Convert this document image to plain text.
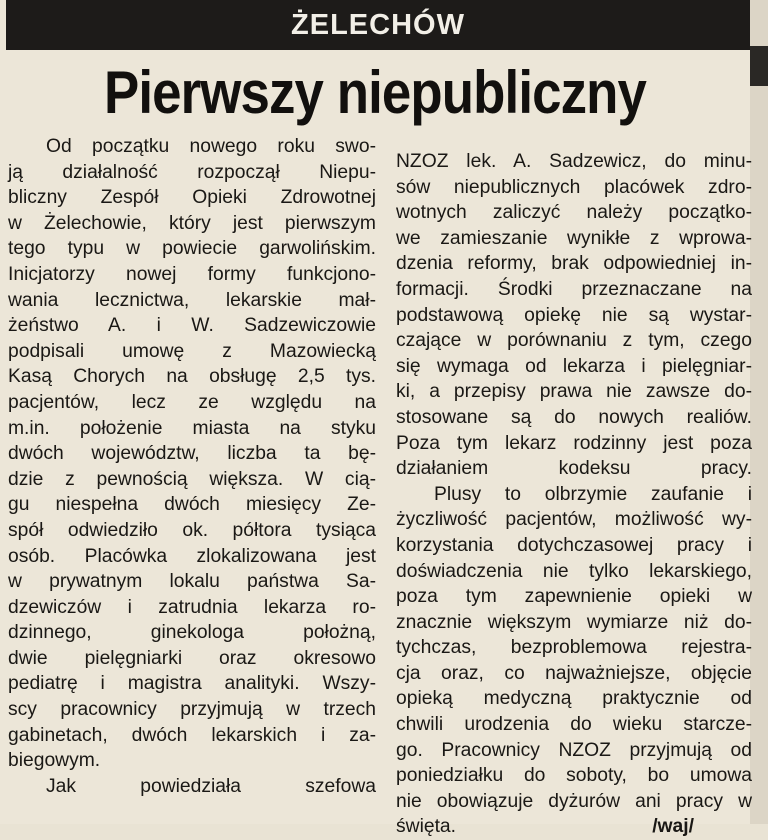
ŻELECHÓW
Pierwszy niepubliczny

Od początku nowego roku swo-
ją działalność rozpoczął Niepu-
bliczny Zespół Opieki Zdrowotnej
w Żelechowie, który jest pierwszym
tego typu w powiecie garwolińskim.
Inicjatorzy nowej formy funkcjono-
wania lecznictwa, lekarskie mał-
żeństwo A. i W. Sadzewiczowie
podpisali umowę z Mazowiecką
Kasą Chorych na obsługę 2,5 tys.
pacjentów, lecz ze względu na
m.in. położenie miasta na styku
dwóch województw, liczba ta bę-
dzie z pewnością większa. W cią-
gu niespełna dwóch miesięcy Ze-
spół odwiedziło ok. półtora tysiąca
osób. Placówka zlokalizowana jest
w prywatnym lokalu państwa Sa-
dzewiczów i zatrudnia lekarza ro-
dzinnego, ginekologa położną,
dwie pielęgniarki oraz okresowo
pediatrę i magistra analityki. Wszy-
scy pracownicy przyjmują w trzech
gabinetach, dwóch lekarskich i za-
biegowym.

Jak powiedziała szefowa

NZOZ lek. A. Sadzewicz, do minu-
sów niepublicznych placówek zdro-
wotnych zaliczyć należy początko-
we zamieszanie wynikłe z wprowa-
dzenia reformy, brak odpowiedniej in-
formacji. Środki przeznaczane na
podstawową opiekę nie są wystar-
czające w porównaniu z tym, czego
się wymaga od lekarza i pielęgniar-
ki, a przepisy prawa nie zawsze do-
stosowane są do nowych realiów.
Poza tym lekarz rodzinny jest poza
działaniem kodeksu pracy.

Plusy to olbrzymie zaufanie i
życzliwość pacjentów, możliwość wy-
korzystania dotychczasowej pracy i
doświadczenia nie tylko lekarskiego,
poza tym zapewnienie opieki w
znacznie większym wymiarze niż do-
tychczas, bezproblemowa rejestra-
cja oraz, co najważniejsze, objęcie
opieką medyczną praktycznie od
chwili urodzenia do wieku starcze-
go. Pracownicy NZOZ przyjmują od
poniedziałku do soboty, bo umowa
nie obowiązuje dyżurów ani pracy w
święta.	/waj/
